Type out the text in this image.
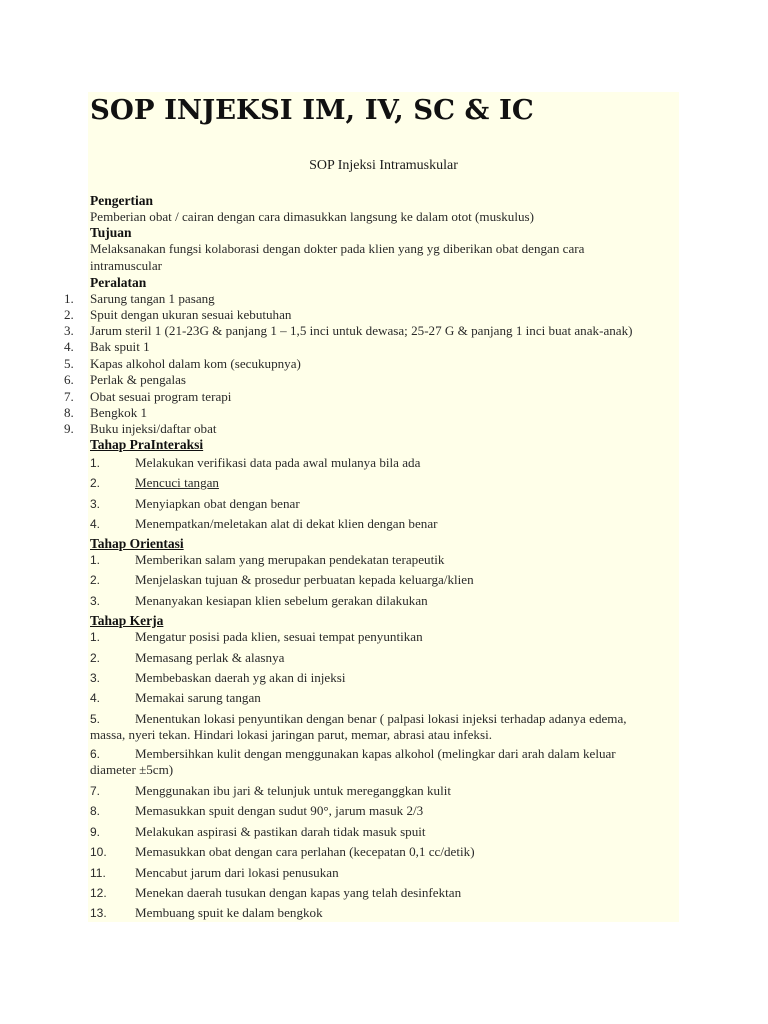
SOP INJEKSI IM, IV, SC & IC
SOP Injeksi Intramuskular
Pengertian
Pemberian obat / cairan dengan cara dimasukkan langsung ke dalam otot (muskulus)
Tujuan
Melaksanakan fungsi kolaborasi dengan dokter pada klien yang yg diberikan obat dengan cara
intramuscular
Peralatan
1.	Sarung tangan 1 pasang
2.	Spuit dengan ukuran sesuai kebutuhan
3.	Jarum steril 1 (21-23G & panjang 1 – 1,5 inci untuk dewasa; 25-27 G & panjang 1 inci buat anak-anak)
4.	Bak spuit 1
5.	Kapas alkohol dalam kom (secukupnya)
6.	Perlak & pengalas
7.	Obat sesuai program terapi
8.	Bengkok 1
9.	Buku injeksi/daftar obat
Tahap PraInteraksi
1.	Melakukan verifikasi data pada awal mulanya bila ada
2.	Mencuci tangan
3.	Menyiapkan obat dengan benar
4.	Menempatkan/meletakan alat di dekat klien dengan benar
Tahap Orientasi
1.	Memberikan salam yang merupakan pendekatan terapeutik
2.	Menjelaskan tujuan & prosedur perbuatan kepada keluarga/klien
3.	Menanyakan kesiapan klien sebelum gerakan dilakukan
Tahap Kerja
1.	Mengatur posisi pada klien, sesuai tempat penyuntikan
2.	Memasang perlak & alasnya
3.	Membebaskan daerah yg akan di injeksi
4.	Memakai sarung tangan
5.	Menentukan lokasi penyuntikan dengan benar ( palpasi lokasi injeksi terhadap adanya edema,
massa, nyeri tekan. Hindari lokasi jaringan parut, memar, abrasi atau infeksi.
6.	Membersihkan kulit dengan menggunakan kapas alkohol (melingkar dari arah dalam keluar
diameter ±5cm)
7.	Menggunakan ibu jari & telunjuk untuk mereganggkan kulit
8.	Memasukkan spuit dengan sudut 90°, jarum masuk 2/3
9.	Melakukan aspirasi & pastikan darah tidak masuk spuit
10. Memasukkan obat dengan cara perlahan (kecepatan 0,1 cc/detik)
11. Mencabut jarum dari lokasi penusukan
12. Menekan daerah tusukan dengan kapas yang telah desinfektan
13. Membuang spuit ke dalam bengkok
